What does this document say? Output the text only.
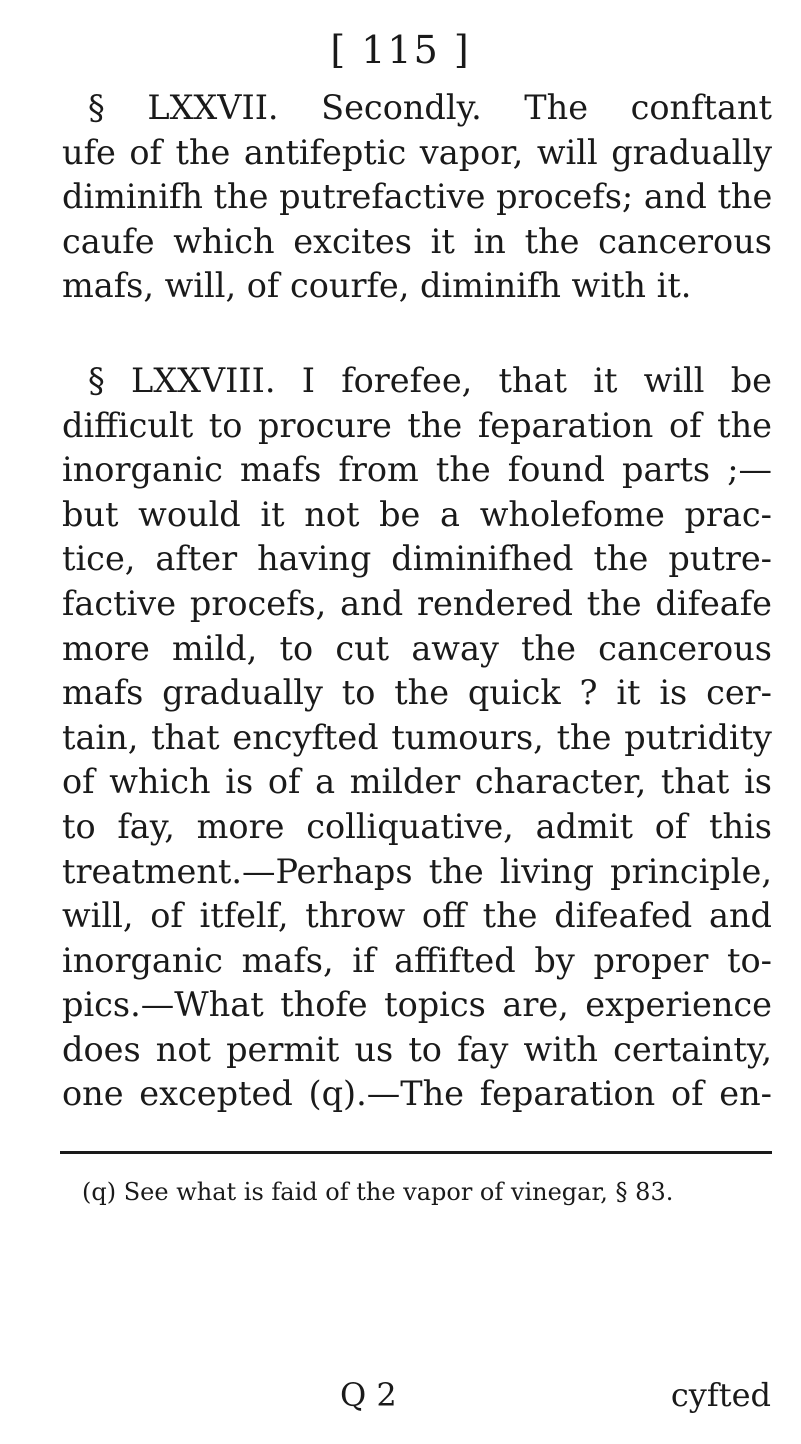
[ 115 ]
§ LXXVII. Secondly. The conftant
ufe of the antifeptic vapor, will gradually
diminifh the putrefactive procefs; and the
caufe which excites it in the cancerous
mafs, will, of courfe, diminifh with it.
§ LXXVIII. I forefee, that it will be
difficult to procure the feparation of the
inorganic mafs from the found parts ;—
but would it not be a wholefome prac-
tice, after having diminifhed the putre-
factive procefs, and rendered the difeafe
more mild, to cut away the cancerous
mafs gradually to the quick ? it is cer-
tain, that encyfted tumours, the putridity
of which is of a milder character, that is
to fay, more colliquative, admit of this
treatment.—Perhaps the living principle,
will, of itfelf, throw off the difeafed and
inorganic mafs, if affifted by proper to-
pics.—What thofe topics are, experience
does not permit us to fay with certainty,
one excepted (q).—The feparation of en-
(q) See what is faid of the vapor of vinegar, § 83.
Q 2	cyfted
